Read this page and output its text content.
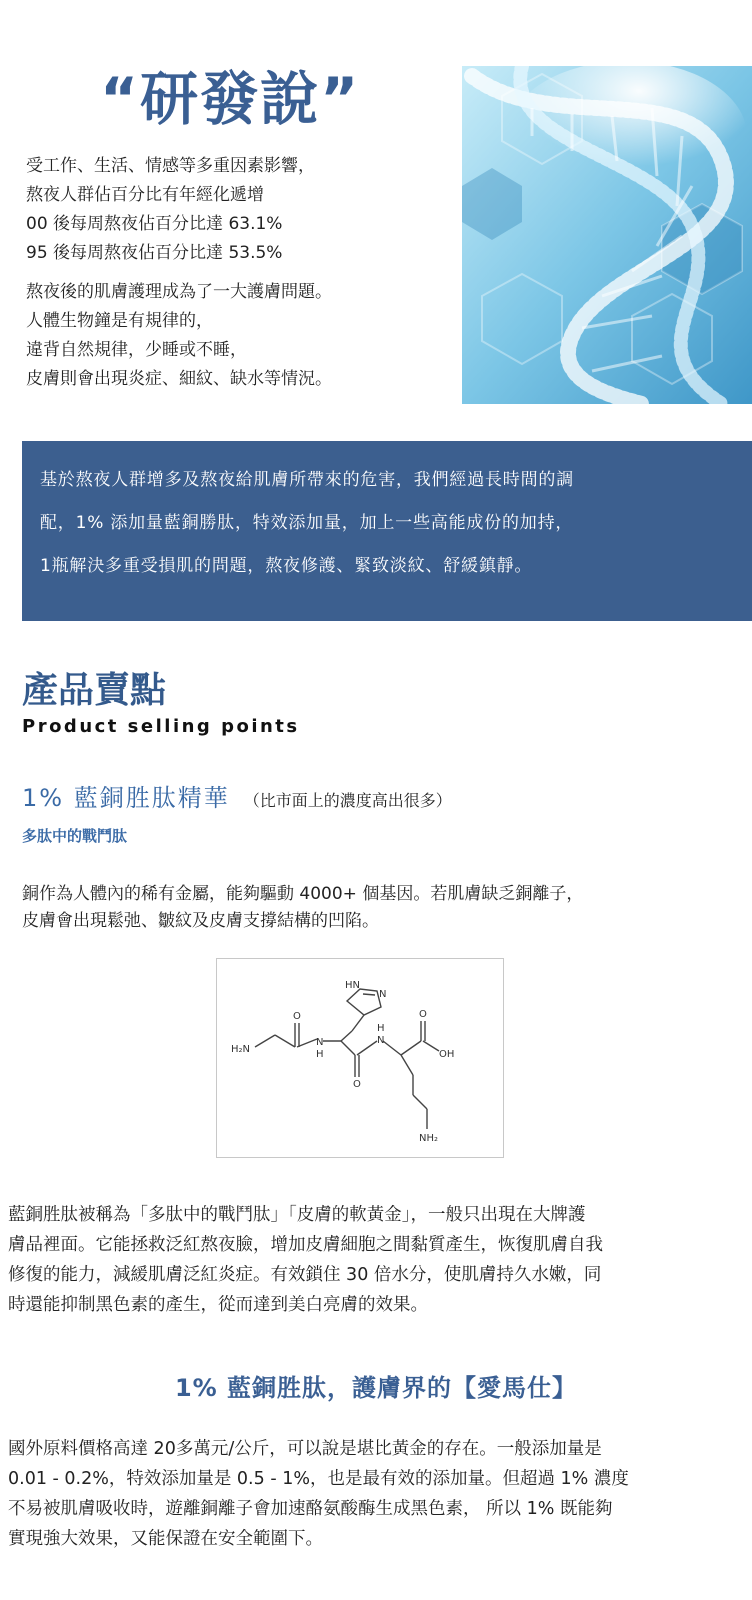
“研發說”

受工作、生活、情感等多重因素影響，

熬夜人群佔百分比有年經化遞增

00 後每周熬夜佔百分比達 63.1%

95 後每周熬夜佔百分比達 53.5%

熬夜後的肌膚護理成為了一大護膚問題。

人體生物鐘是有規律的，

違背自然規律，少睡或不睡，

皮膚則會出現炎症、細紋、缺水等情況。

基於熬夜人群增多及熬夜給肌膚所帶來的危害，我們經過長時間的調

配，1% 添加量藍銅勝肽，特效添加量，加上一些高能成份的加持，

1瓶解決多重受損肌的問題，熬夜修護、緊致淡紋、舒緩鎮靜。

產品賣點
Product selling points
1% 藍銅胜肽精華 （比市面上的濃度高出很多）
多肽中的戰鬥肽

銅作為人體內的稀有金屬，能夠驅動 4000+ 個基因。若肌膚缺乏銅離子，

皮膚會出現鬆弛、皺紋及皮膚支撐結構的凹陷。

HN
N
O
O
O
H₂N
N
H
H
N
OH
NH₂

藍銅胜肽被稱為「多肽中的戰鬥肽」「皮膚的軟黃金」，一般只出現在大牌護

膚品裡面。它能拯救泛紅熬夜臉，增加皮膚細胞之間黏質產生，恢復肌膚自我

修復的能力，減緩肌膚泛紅炎症。有效鎖住 30 倍水分，使肌膚持久水嫩，同

時還能抑制黑色素的產生，從而達到美白亮膚的效果。

1% 藍銅胜肽，護膚界的【愛馬仕】

國外原料價格高達 20多萬元/公斤，可以說是堪比黃金的存在。一般添加量是

0.01 - 0.2%，特效添加量是 0.5 - 1%，也是最有效的添加量。但超過 1% 濃度

不易被肌膚吸收時，遊離銅離子會加速酪氨酸酶生成黑色素， 所以 1% 既能夠

實現強大效果，又能保證在安全範圍下。
